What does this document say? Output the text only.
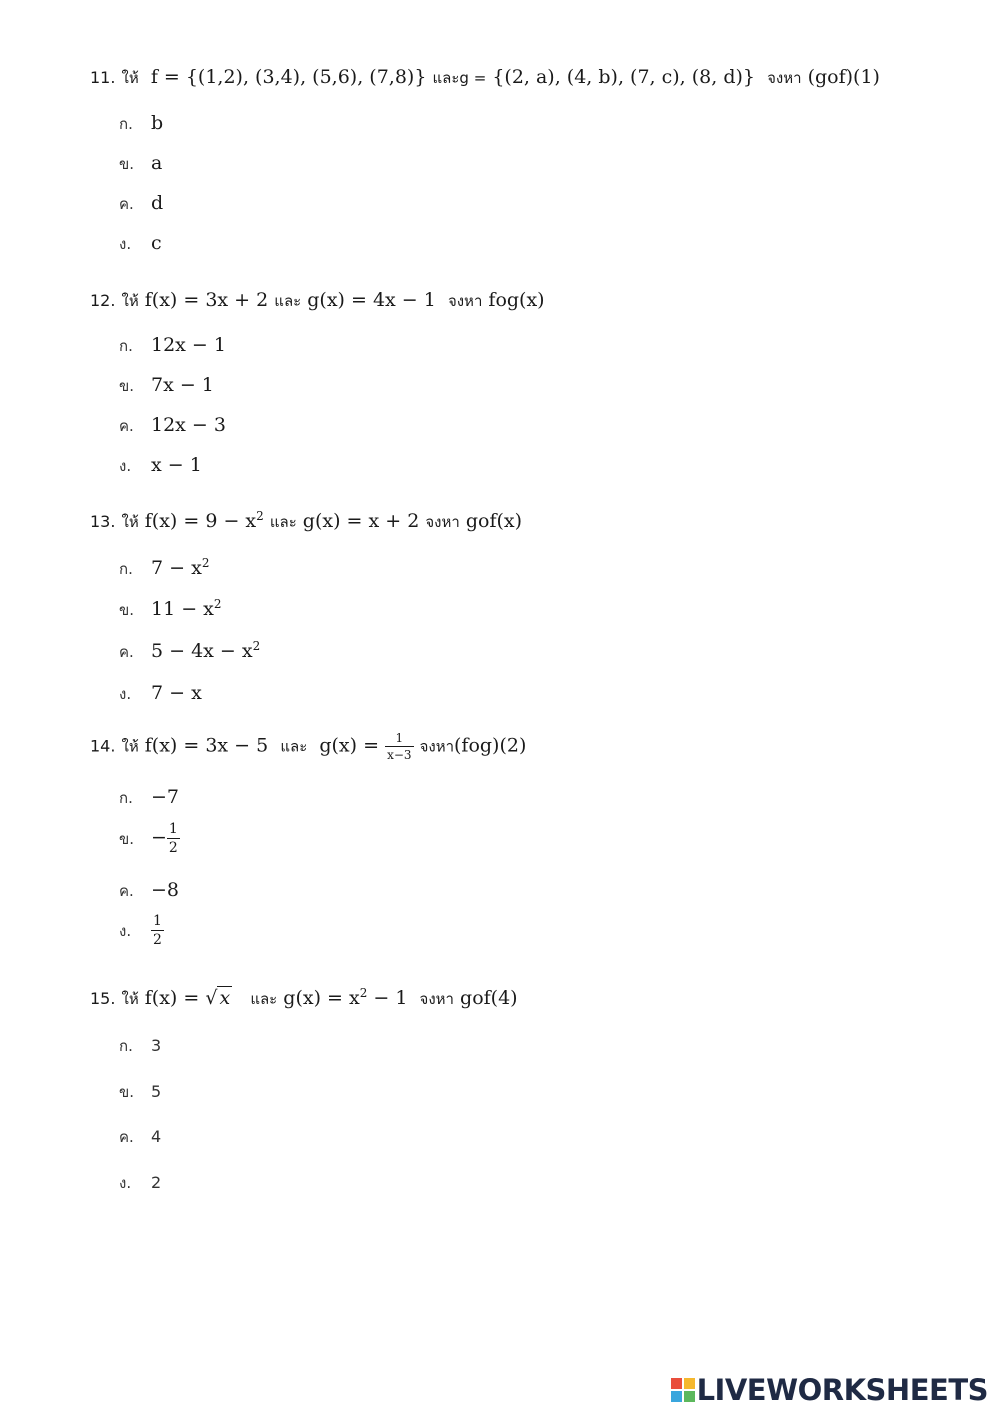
11. ให้ f = {(1,2), (3,4), (5,6), (7,8)} และg = {(2, a), (4, b), (7, c), (8, d)} จงหา (gof)(1)
ก. b
ข. a
ค. d
ง. c
12. ให้ f(x) = 3x + 2 และ g(x) = 4x − 1 จงหา fog(x)
ก. 12x − 1
ข. 7x − 1
ค. 12x − 3
ง. x − 1
13. ให้ $f(x) = 9 - x^2$ และ g(x) = x + 2 จงหา gof(x)
ก. $7 - x^2$
ข. $11 - x^2$
ค. $5 - 4x - x^2$
ง. 7 − x
14. ให้ f(x) = 3x − 5 และ $g(x) = \frac{1}{x-3}$ จงหา(fog)(2)
ก. −7
ข. − $\frac{1}{2}$
ค. −8
ง. $\frac{1}{2}$
15. ให้ f(x) = √ x และ $g(x) = x^2 - 1$ จงหา gof(4)
ก. 3
ข. 5
ค. 4
ง. 2
LIVEWORKSHEETS
